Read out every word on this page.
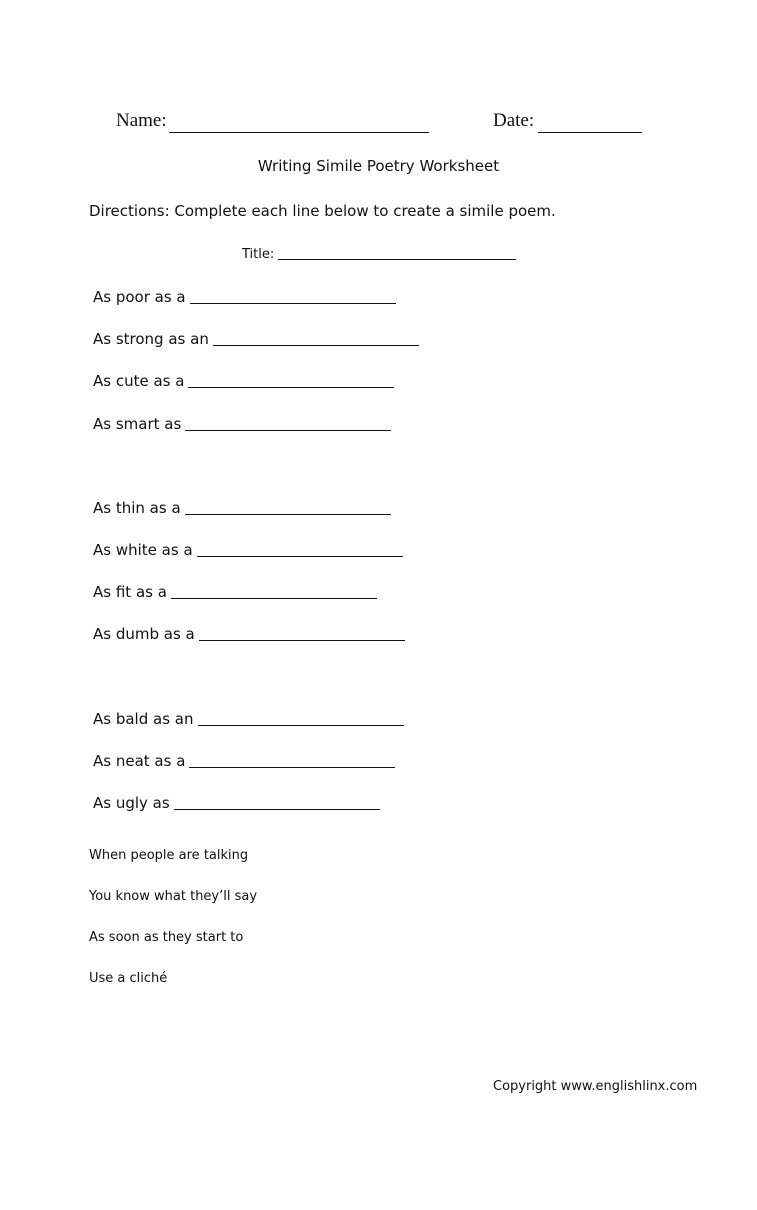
Name:	Date:
Writing Simile Poetry Worksheet
Directions: Complete each line below to create a simile poem.
Title:
As poor as a
As strong as an
As cute as a
As smart as
As thin as a
As white as a
As fit as a
As dumb as a
As bald as an
As neat as a
As ugly as
When people are talking
You know what they’ll say
As soon as they start to
Use a cliché
Copyright www.englishlinx.com
